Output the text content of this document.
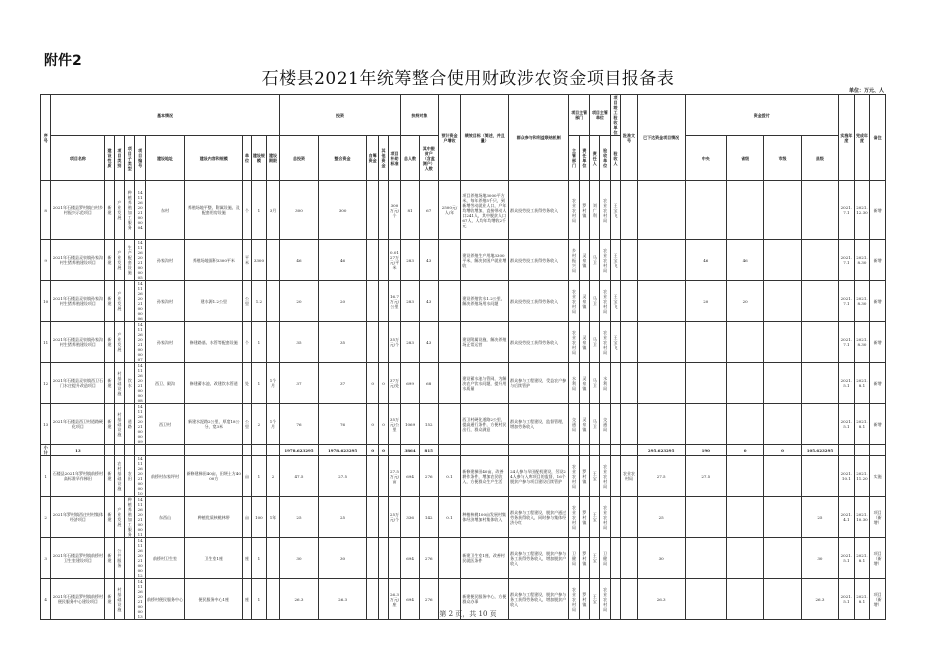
附件2
石楼县2021年统筹整合使用财政涉农资金项目报备表
单位：万元、人
序号	基本情况										投资					扶持对象		预计资金户增收	绩效目标（简述，并且量）	群众参与和利益联结机制	项目主管部门		项目主管单位		项目竣工验收单位	批准文号	已下达资金项目情况	资金拨付				实施年度	完成年度	备注
	项目名称	建设性质	项目类别	项目子类型	项目编号	建设地址	建设内容和规模	单位	建设规模	建设期限	总投资	整合资金	自筹资金	其他资金	项目补助标准	总人数	其中脱贫户（含监测户）人数				主管部门	责任单位	责任人	验收单位	验收人			中央	省级	市级	县级			
8	2021年石楼县罗村镇白村乡村振兴示范项目	新建	产业发展	种植养殖加工服务	1411262021000004	东村	养殖场地平整、附属设施、及配套用房设施	个	1	3月	300	300			300万元/个	81	67	2500元/人/年	项目养殖场地3000平方米，每年养殖5千只，到新增劳动就业人口，户年均增收增加，直接带动人口241人，其中脱贫人口67人，人均年均增收2千元	群众投劳投工获得劳务收入	农业农村局	罗村镇	刘广利	农业农村局	王宝飞							2021.7.1	2021.12.30	新增
9	2021年石楼县灵泉镇孙家沟村生猪养殖建设项目	新建	产业发展	生产配套设施	1411262021000005	孙家沟村	养殖场地面积3300平米	平米	3300		46	46			0.0127万元/平米	283	43		建设养殖生产用地3300平米，解决贫困户就业增收	群众投劳投工获得劳务收入	乡村振兴局	灵泉镇	马卫	农业农村局	王宝飞			46	46			2021.7.1	2021.8.30	新增
10	2021年石楼县灵泉镇孙家沟村生猪养殖建设项目	新建	产业发展		1411262021000006	孙家沟村	建水源1.2公里	公里	1.2		20	20			16.7万元/公里	283	43		建设养殖饮水1.2公里，解决养殖场用水问题	群众投劳投工获得劳务收入	农业农村局	灵泉镇	马卫	农业农村局	王宝飞			20	20			2021.7.1	2021.8.30	新增
11	2021年石楼县灵泉镇孙家沟村生猪养殖建设项目	新建	产业发展		1411262021000007	孙家沟村	修建路基、水管等配套设施	个	1		35	35			35万元/个	283	43		建设附属设施，解决养殖场正常运营	群众投劳投工获得劳务收入	农业农村局	灵泉镇	马卫	农业农村局	王宝飞							2021.7.1	2021.8.30	新增
12	2021年石楼县灵泉镇西卫石门水庄提升改造项目	新建	村基础设施	饮水	1411262021000008	西卫、殿沟	修建蓄水池、改建饮水管道	处	1	1个月	37	37	0	0	37万元/处	699	68		建设蓄水池与管网，为解决农户饮水问题，提升用水质量	群众参与工程建设，受益农户参与后续管护	水利局	灵泉镇	马卫	水利局								2021.5.1	2021.8.1	新增
13	2021年石楼县西卫村道路硬化项目	新建	村基础设施	道路	1411262021000009	西卫村	新建水泥路2公里，厚度18公分，宽3米	公里	2	1个月	76	76	0	0	35万元/公里	1069	152		西卫村硬化道路2公里，提高通行条件，方便村民出行，群众满意	群众参与工程建设，监督管理，增加劳务收入	交通局	灵泉镇	马卫	交通局								2021.5.1	2021.8.1	新增
小计	13										1978.623295	1978.623295	0	0		3864	815										295.623295	190	0	0	105.623295			
1	石楼县2021年罗村镇前桥村高标准旱作梯田	新建	农村基础设施	农田	1411262021000010	前桥村东家坪村	新修建梯田40亩，田埂土方4000方	亩	1	2	47.5	27.5			27.5万元/亩	694	276	0.1	新修建梯田40亩，改善耕作条件，增加农民收入，方便群众生产生活	24人参与旱田配机建设，另设24人参与入库项目的监督，16个脱贫户参与项目建设后续管护	农业农村局	罗村镇	王宝	农业农村局		农业农村局	27.5	27.5				2021.10.1	2021.11.20	实施
2	2021年罗村镇西庄村村集体经济项目	新建	产业发展	种植养殖加工服务	1411262021000011	东西山	种植优质核桃林带	亩	100	1年	25	25			25万元/个	336	142	0.1	种植核桃100亩发展村集体经济增加村集体收入	群众参与工程建设，脱贫户通过劳务获得收入，同时参与集体经济分红	农业农村局	罗村镇	王宝	农业农村局			25				25	2021.4.1	2021.10.30	项目（新增）
3	2021年石楼县罗村镇前桥村卫生室建设项目	新建	公共服务		1411262021000012	前桥村卫生室	卫生室1座	座	1		30	30				694	276		新建卫生室1座，改善村民就医条件	群众参与工程建设，脱贫户参与务工获得劳务收入，增加脱贫户收入	卫健局	罗村镇	王宝	卫健局			30				30	2021.5.1	2021.8.1	项目（新增）
4	2021年石楼县罗村镇前桥村便民服务中心建设项目	新建	村基础设施		1411262021000013	前桥村便民服务中心	便民服务中心1座	座	1		26.3	26.3			26.3万元/座	694	276		新建便民服务中心，方便群众办事	群众参与工程建设，脱贫户参与务工获得劳务收入，增加脱贫户收入	农业农村局	罗村镇	王宝	农业农村局			26.3				26.3	2021.5.1	2021.8.1	项目（新增）
第 2 页，共 10 页
